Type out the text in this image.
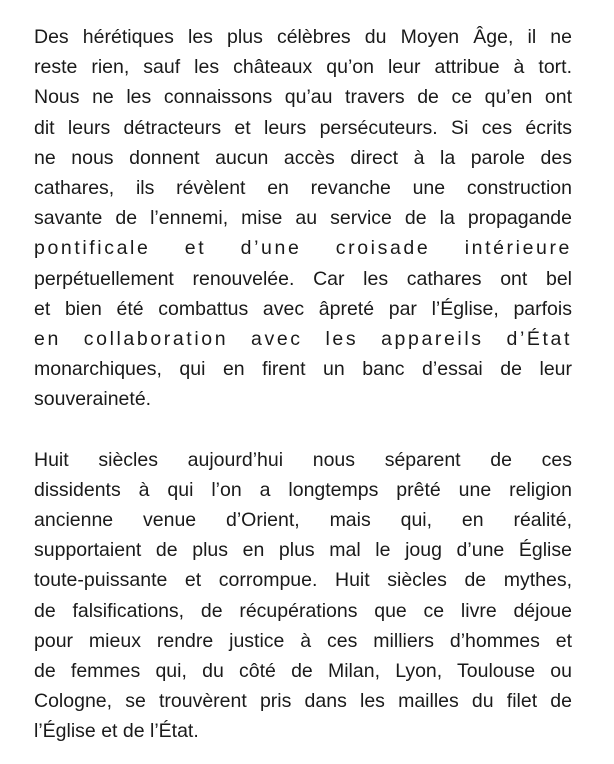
Des hérétiques les plus célèbres du Moyen Âge, il ne
reste rien, sauf les châteaux qu’on leur attribue à tort.
Nous ne les connaissons qu’au travers de ce qu’en ont
dit leurs détracteurs et leurs persécuteurs. Si ces écrits
ne nous donnent aucun accès direct à la parole des
cathares, ils révèlent en revanche une construction
savante de l’ennemi, mise au service de la propagande
pontificale et d’une croisade intérieure
perpétuellement renouvelée. Car les cathares ont bel
et bien été combattus avec âpreté par l’Église, parfois
en collaboration avec les appareils d’État
monarchiques, qui en firent un banc d’essai de leur
souveraineté.

Huit siècles aujourd’hui nous séparent de ces
dissidents à qui l’on a longtemps prêté une religion
ancienne venue d’Orient, mais qui, en réalité,
supportaient de plus en plus mal le joug d’une Église
toute-puissante et corrompue. Huit siècles de mythes,
de falsifications, de récupérations que ce livre déjoue
pour mieux rendre justice à ces milliers d’hommes et
de femmes qui, du côté de Milan, Lyon, Toulouse ou
Cologne, se trouvèrent pris dans les mailles du filet de
l’Église et de l’État.
